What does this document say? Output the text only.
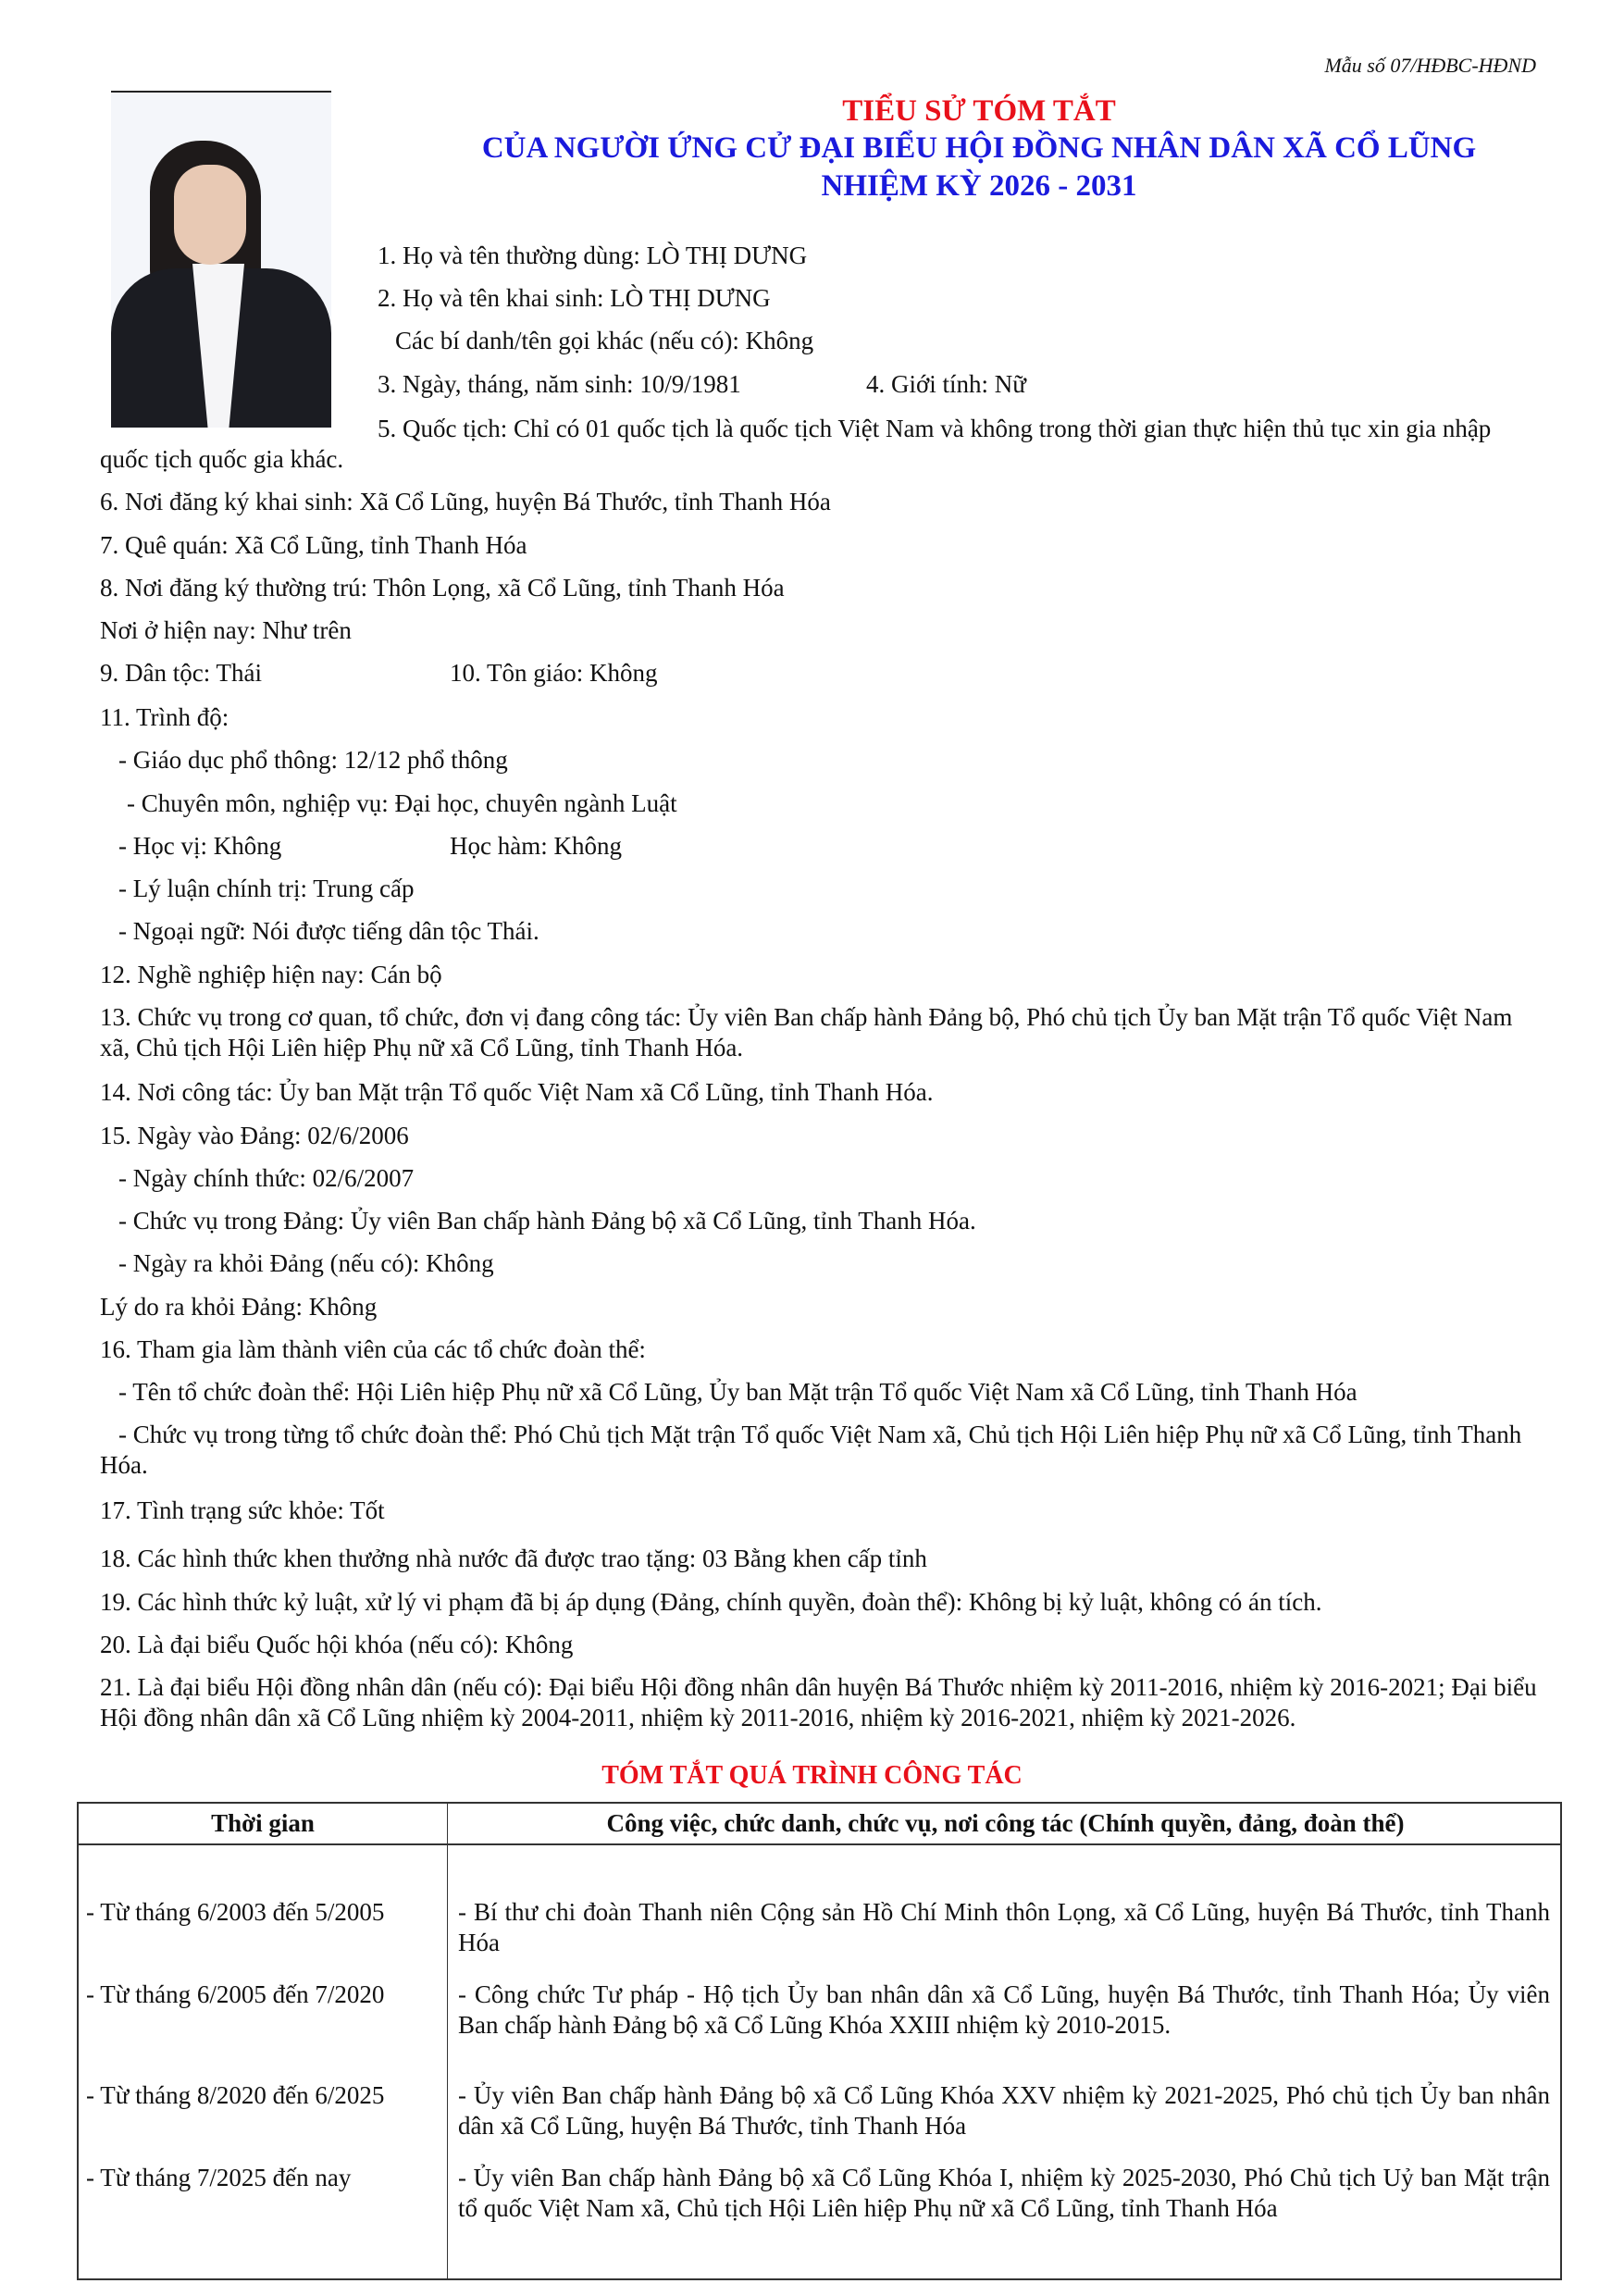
Mẫu số 07/HĐBC-HĐND
TIỂU SỬ TÓM TẮT
CỦA NGƯỜI ỨNG CỬ ĐẠI BIỂU HỘI ĐỒNG NHÂN DÂN XÃ CỔ LŨNG
NHIỆM KỲ 2026 - 2031
1. Họ và tên thường dùng: LÒ THỊ DƯNG
2. Họ và tên khai sinh: LÒ THỊ DƯNG
Các bí danh/tên gọi khác (nếu có): Không
3. Ngày, tháng, năm sinh: 10/9/1981	4. Giới tính: Nữ
5. Quốc tịch: Chỉ có 01 quốc tịch là quốc tịch Việt Nam và không trong thời gian thực hiện thủ tục xin gia nhập quốc tịch quốc gia khác.
6. Nơi đăng ký khai sinh: Xã Cổ Lũng, huyện Bá Thước, tỉnh Thanh Hóa
7. Quê quán: Xã Cổ Lũng, tỉnh Thanh Hóa
8. Nơi đăng ký thường trú: Thôn Lọng, xã Cổ Lũng, tỉnh Thanh Hóa
Nơi ở hiện nay: Như trên
9. Dân tộc: Thái	10. Tôn giáo: Không
11. Trình độ:
- Giáo dục phổ thông: 12/12 phổ thông
- Chuyên môn, nghiệp vụ: Đại học, chuyên ngành Luật
- Học vị: Không	Học hàm: Không
- Lý luận chính trị: Trung cấp
- Ngoại ngữ: Nói được tiếng dân tộc Thái.
12. Nghề nghiệp hiện nay: Cán bộ
13. Chức vụ trong cơ quan, tổ chức, đơn vị đang công tác: Ủy viên Ban chấp hành Đảng bộ, Phó chủ tịch Ủy ban Mặt trận Tổ quốc Việt Nam xã, Chủ tịch Hội Liên hiệp Phụ nữ xã Cổ Lũng, tỉnh Thanh Hóa.
14. Nơi công tác: Ủy ban Mặt trận Tổ quốc Việt Nam xã Cổ Lũng, tỉnh Thanh Hóa.
15. Ngày vào Đảng: 02/6/2006
- Ngày chính thức: 02/6/2007
- Chức vụ trong Đảng: Ủy viên Ban chấp hành Đảng bộ xã Cổ Lũng, tỉnh Thanh Hóa.
- Ngày ra khỏi Đảng (nếu có): Không
Lý do ra khỏi Đảng: Không
16. Tham gia làm thành viên của các tổ chức đoàn thể:
- Tên tổ chức đoàn thể: Hội Liên hiệp Phụ nữ xã Cổ Lũng, Ủy ban Mặt trận Tổ quốc Việt Nam xã Cổ Lũng, tỉnh Thanh Hóa
- Chức vụ trong từng tổ chức đoàn thể: Phó Chủ tịch Mặt trận Tổ quốc Việt Nam xã, Chủ tịch Hội Liên hiệp Phụ nữ xã Cổ Lũng, tỉnh Thanh Hóa.
17. Tình trạng sức khỏe: Tốt
18. Các hình thức khen thưởng nhà nước đã được trao tặng: 03 Bằng khen cấp tỉnh
19. Các hình thức kỷ luật, xử lý vi phạm đã bị áp dụng (Đảng, chính quyền, đoàn thể): Không bị kỷ luật, không có án tích.
20. Là đại biểu Quốc hội khóa (nếu có): Không
21. Là đại biểu Hội đồng nhân dân (nếu có): Đại biểu Hội đồng nhân dân huyện Bá Thước nhiệm kỳ 2011-2016, nhiệm kỳ 2016-2021; Đại biểu Hội đồng nhân dân xã Cổ Lũng nhiệm kỳ 2004-2011, nhiệm kỳ 2011-2016, nhiệm kỳ 2016-2021, nhiệm kỳ 2021-2026.
TÓM TẮT QUÁ TRÌNH CÔNG TÁC
Thời gian	Công việc, chức danh, chức vụ, nơi công tác (Chính quyền, đảng, đoàn thể)
- Từ tháng 6/2003 đến 5/2005	- Bí thư chi đoàn Thanh niên Cộng sản Hồ Chí Minh thôn Lọng, xã Cổ Lũng, huyện Bá Thước, tỉnh Thanh Hóa
- Từ tháng 6/2005 đến 7/2020	- Công chức Tư pháp - Hộ tịch Ủy ban nhân dân xã Cổ Lũng, huyện Bá Thước, tỉnh Thanh Hóa; Ủy viên Ban chấp hành Đảng bộ xã Cổ Lũng Khóa XXIII nhiệm kỳ 2010-2015.
- Từ tháng 8/2020 đến 6/2025	- Ủy viên Ban chấp hành Đảng bộ xã Cổ Lũng Khóa XXV nhiệm kỳ 2021-2025, Phó chủ tịch Ủy ban nhân dân xã Cổ Lũng, huyện Bá Thước, tỉnh Thanh Hóa
- Từ tháng 7/2025 đến nay	- Ủy viên Ban chấp hành Đảng bộ xã Cổ Lũng Khóa I, nhiệm kỳ 2025-2030, Phó Chủ tịch Uỷ ban Mặt trận tổ quốc Việt Nam xã, Chủ tịch Hội Liên hiệp Phụ nữ xã Cổ Lũng, tỉnh Thanh Hóa
